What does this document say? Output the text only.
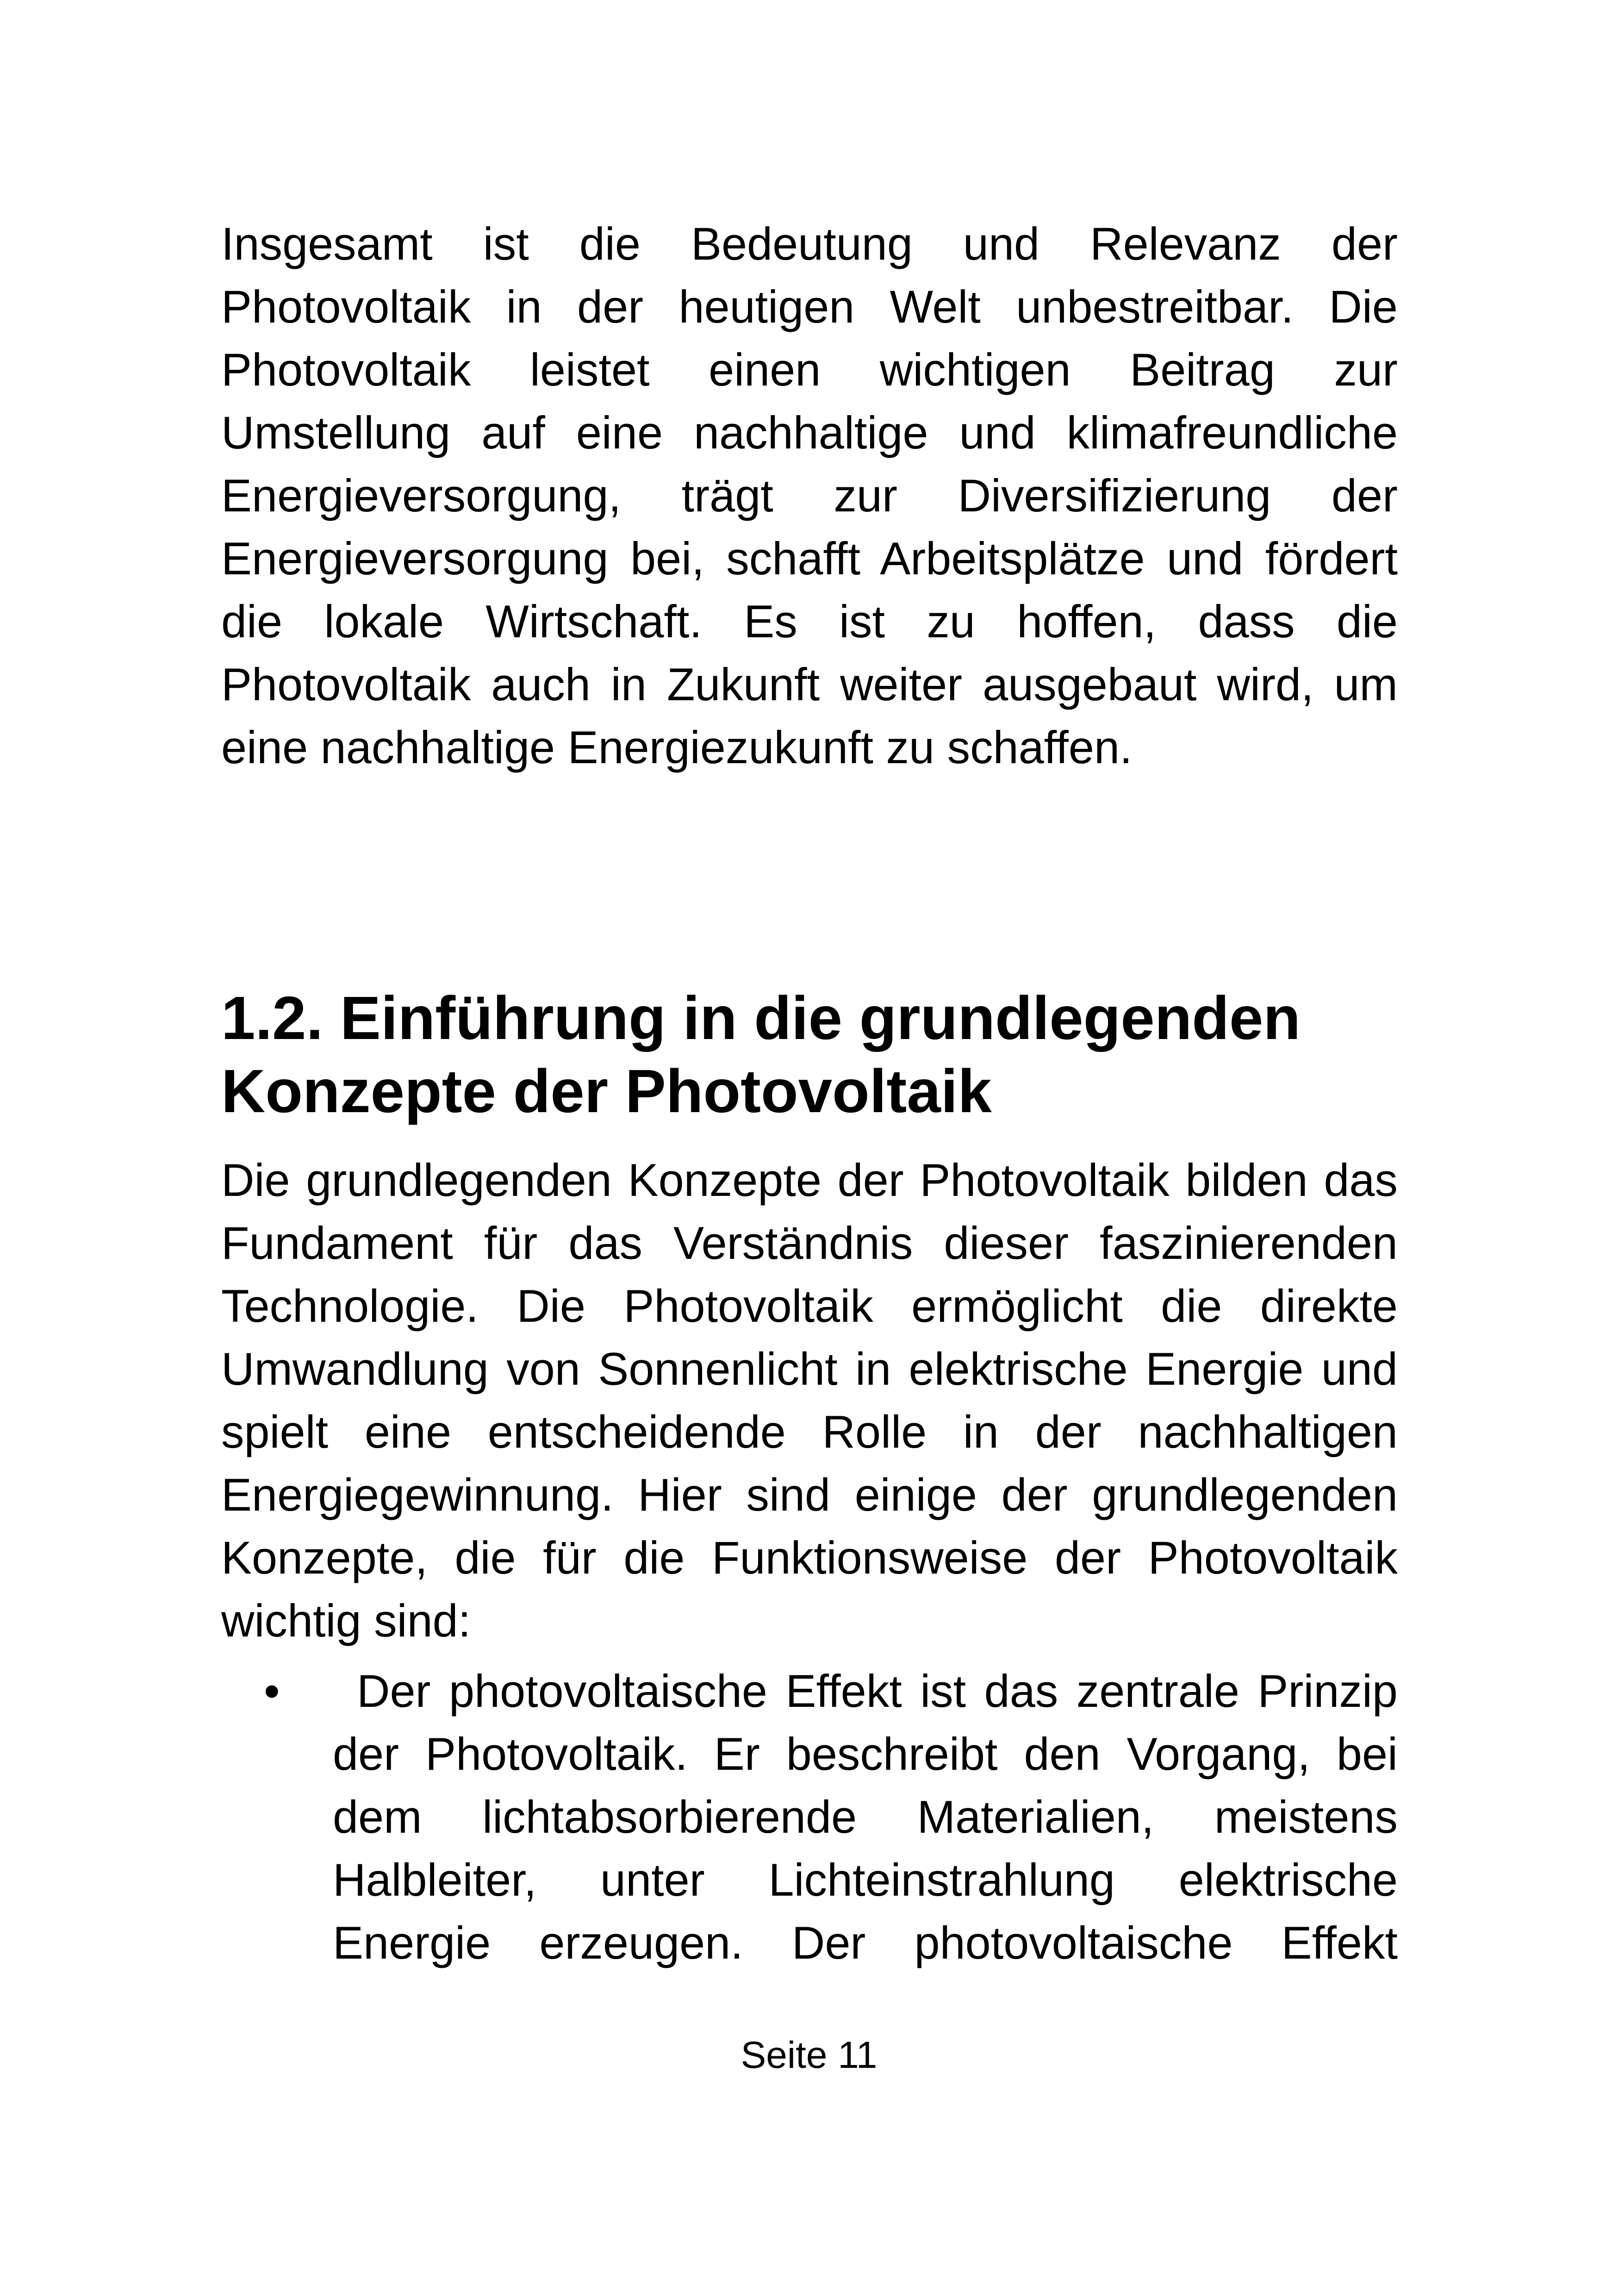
Insgesamt ist die Bedeutung und Relevanz der
Photovoltaik in der heutigen Welt unbestreitbar. Die
Photovoltaik leistet einen wichtigen Beitrag zur
Umstellung auf eine nachhaltige und klimafreundliche
Energieversorgung, trägt zur Diversifizierung der
Energieversorgung bei, schafft Arbeitsplätze und fördert
die lokale Wirtschaft. Es ist zu hoffen, dass die
Photovoltaik auch in Zukunft weiter ausgebaut wird, um
eine nachhaltige Energiezukunft zu schaffen.
1.2. Einführung in die grundlegenden
Konzepte der Photovoltaik
Die grundlegenden Konzepte der Photovoltaik bilden das
Fundament für das Verständnis dieser faszinierenden
Technologie. Die Photovoltaik ermöglicht die direkte
Umwandlung von Sonnenlicht in elektrische Energie und
spielt eine entscheidende Rolle in der nachhaltigen
Energiegewinnung. Hier sind einige der grundlegenden
Konzepte, die für die Funktionsweise der Photovoltaik
wichtig sind:
•	Der photovoltaische Effekt ist das zentrale Prinzip
der Photovoltaik. Er beschreibt den Vorgang, bei
dem lichtabsorbierende Materialien, meistens
Halbleiter, unter Lichteinstrahlung elektrische
Energie erzeugen. Der photovoltaische Effekt
Seite 11
